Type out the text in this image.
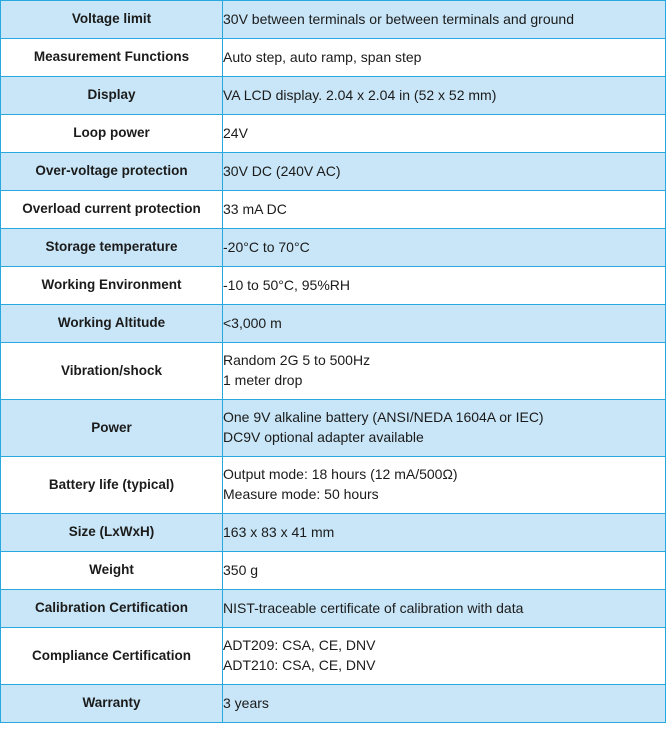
Voltage limit	30V between terminals or between terminals and ground

Measurement Functions	Auto step, auto ramp, span step

Display	VA LCD display. 2.04 x 2.04 in (52 x 52 mm)

Loop power	24V

Over-voltage protection	30V DC (240V AC)

Overload current protection	33 mA DC

Storage temperature	-20°C to 70°C

Working Environment	-10 to 50°C, 95%RH

Working Altitude	<3,000 m

Vibration/shock	Random 2G 5 to 500Hz
1 meter drop

Power	One 9V alkaline battery (ANSI/NEDA 1604A or IEC)
DC9V optional adapter available

Battery life (typical)	Output mode: 18 hours (12 mA/500Ω)
Measure mode: 50 hours

Size (LxWxH)	163 x 83 x 41 mm

Weight	350 g

Calibration Certification	NIST-traceable certificate of calibration with data

Compliance Certification	ADT209: CSA, CE, DNV
ADT210: CSA, CE, DNV

Warranty	3 years
